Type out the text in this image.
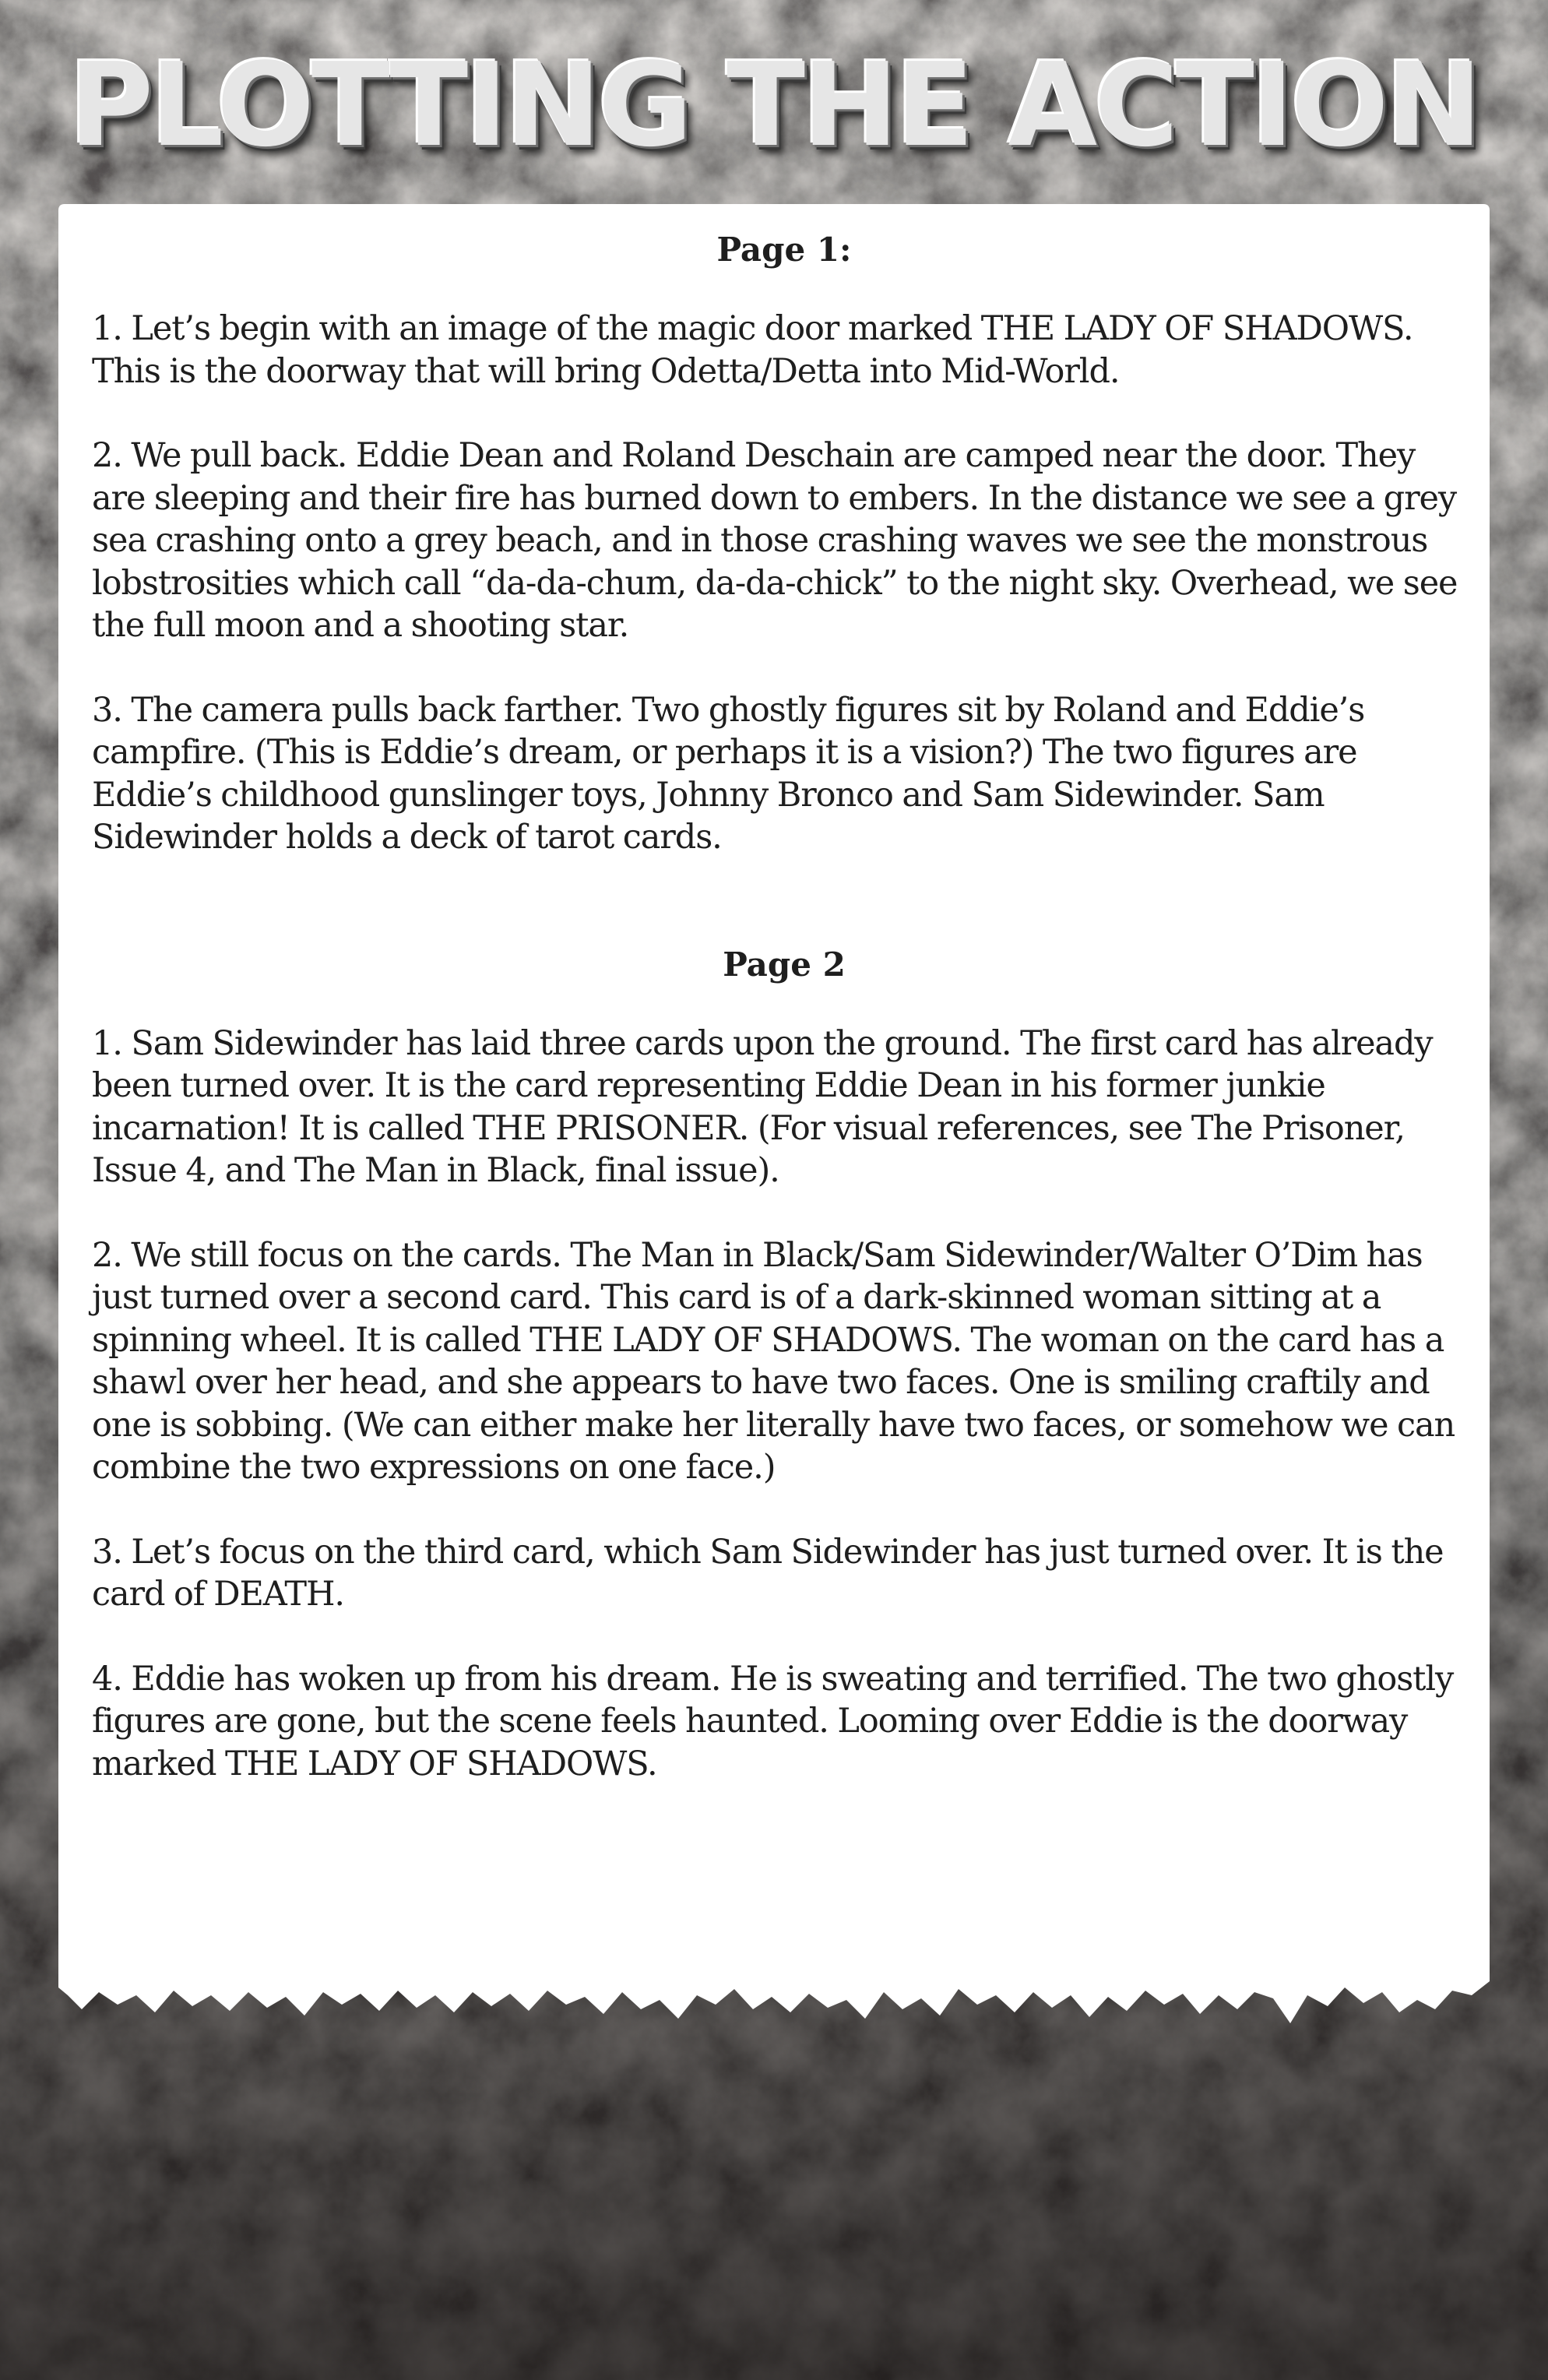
PLOTTING THE ACTION
Page 1:

1. Let’s begin with an image of the magic door marked THE LADY OF SHADOWS. This is the doorway that will bring Odetta/Detta into Mid-World.

2. We pull back. Eddie Dean and Roland Deschain are camped near the door. They are sleeping and their fire has burned down to embers. In the distance we see a grey sea crashing onto a grey beach, and in those crashing waves we see the monstrous lobstrosities which call “da-da-chum, da-da-chick” to the night sky. Overhead, we see the full moon and a shooting star.

3. The camera pulls back farther. Two ghostly figures sit by Roland and Eddie’s campfire. (This is Eddie’s dream, or perhaps it is a vision?) The two figures are Eddie’s childhood gunslinger toys, Johnny Bronco and Sam Sidewinder. Sam Sidewinder holds a deck of tarot cards.

Page 2

1. Sam Sidewinder has laid three cards upon the ground. The first card has already been turned over. It is the card representing Eddie Dean in his former junkie incarnation! It is called THE PRISONER. (For visual references, see The Prisoner, Issue 4, and The Man in Black, final issue).

2. We still focus on the cards. The Man in Black/Sam Sidewinder/Walter O’Dim has just turned over a second card. This card is of a dark-skinned woman sitting at a spinning wheel. It is called THE LADY OF SHADOWS. The woman on the card has a shawl over her head, and she appears to have two faces. One is smiling craftily and one is sobbing. (We can either make her literally have two faces, or somehow we can combine the two expressions on one face.)

3. Let’s focus on the third card, which Sam Sidewinder has just turned over. It is the card of DEATH.

4. Eddie has woken up from his dream. He is sweating and terrified. The two ghostly figures are gone, but the scene feels haunted. Looming over Eddie is the doorway marked THE LADY OF SHADOWS.
